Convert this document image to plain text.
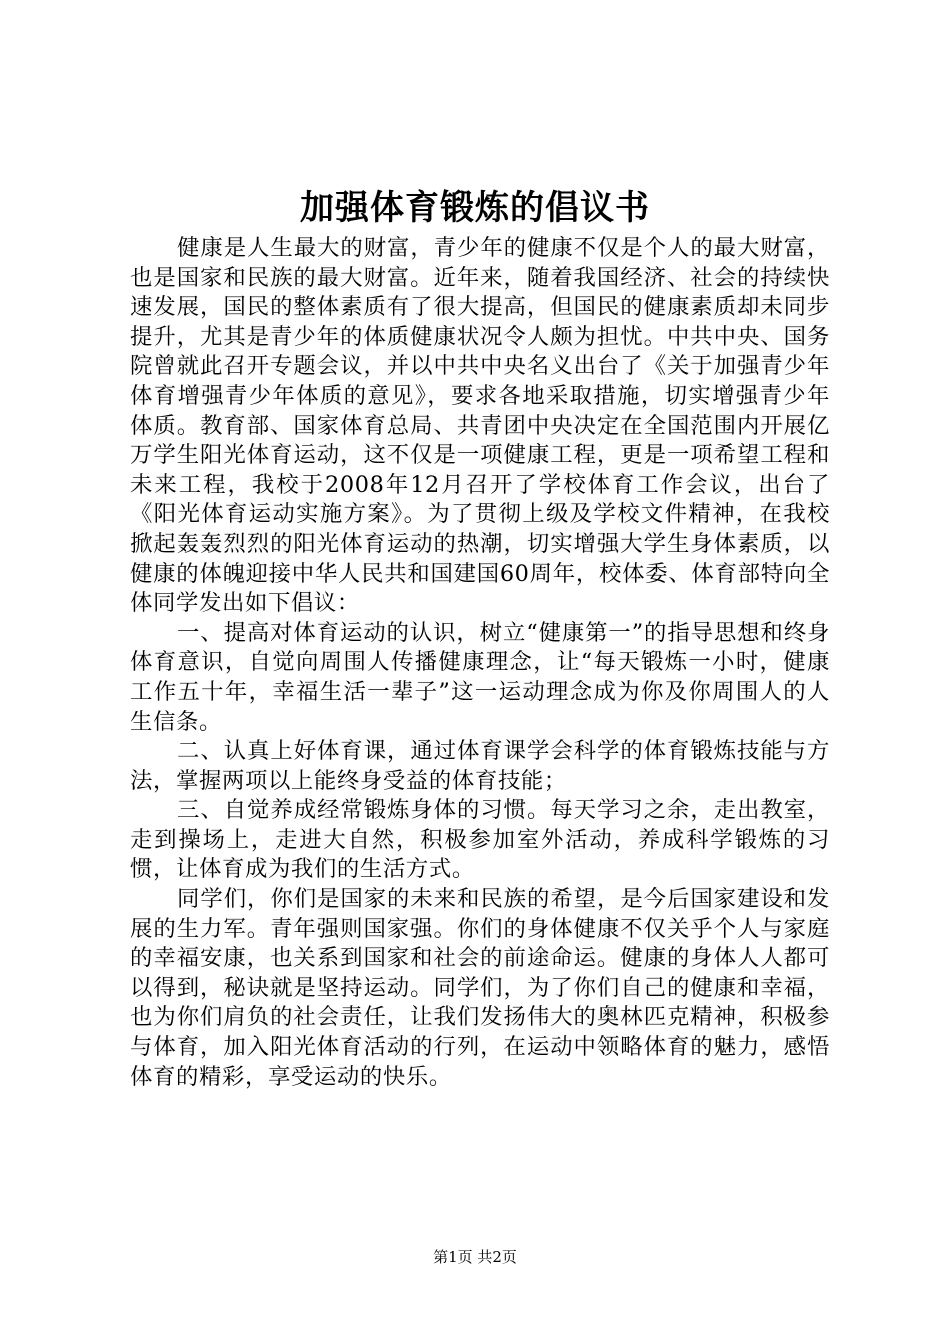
加强体育锻炼的倡议书

健康是人生最大的财富，青少年的健康不仅是个人的最大财富，也是国家和民族的最大财富。近年来，随着我国经济、社会的持续快速发展，国民的整体素质有了很大提高，但国民的健康素质却未同步提升，尤其是青少年的体质健康状况令人颇为担忧。中共中央、国务院曾就此召开专题会议，并以中共中央名义出台了《关于加强青少年体育增强青少年体质的意见》，要求各地采取措施，切实增强青少年体质。教育部、国家体育总局、共青团中央决定在全国范围内开展亿万学生阳光体育运动，这不仅是一项健康工程，更是一项希望工程和未来工程，我校于2008年12月召开了学校体育工作会议，出台了《阳光体育运动实施方案》。为了贯彻上级及学校文件精神，在我校掀起轰轰烈烈的阳光体育运动的热潮，切实增强大学生身体素质，以健康的体魄迎接中华人民共和国建国60周年，校体委、体育部特向全体同学发出如下倡议：

一、提高对体育运动的认识，树立“健康第一”的指导思想和终身体育意识，自觉向周围人传播健康理念，让“每天锻炼一小时，健康工作五十年，幸福生活一辈子”这一运动理念成为你及你周围人的人生信条。

二、认真上好体育课，通过体育课学会科学的体育锻炼技能与方法，掌握两项以上能终身受益的体育技能；

三、自觉养成经常锻炼身体的习惯。每天学习之余，走出教室，走到操场上，走进大自然，积极参加室外活动，养成科学锻炼的习惯，让体育成为我们的生活方式。

同学们，你们是国家的未来和民族的希望，是今后国家建设和发展的生力军。青年强则国家强。你们的身体健康不仅关乎个人与家庭的幸福安康，也关系到国家和社会的前途命运。健康的身体人人都可以得到，秘诀就是坚持运动。同学们，为了你们自己的健康和幸福，也为你们肩负的社会责任，让我们发扬伟大的奥林匹克精神，积极参与体育，加入阳光体育活动的行列，在运动中领略体育的魅力，感悟体育的精彩，享受运动的快乐。

第1页 共2页
